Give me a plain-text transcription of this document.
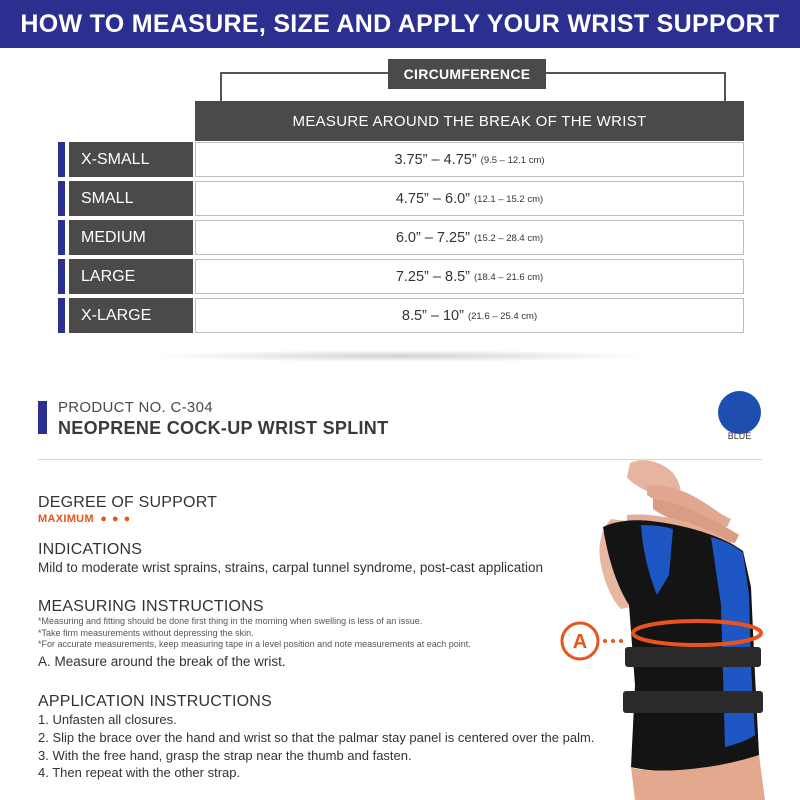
HOW TO MEASURE, SIZE AND APPLY YOUR WRIST SUPPORT
CIRCUMFERENCE
MEASURE AROUND THE BREAK OF THE WRIST
X-SMALL	3.75” – 4.75” (9.5 – 12.1 cm)
SMALL	4.75” – 6.0” (12.1 – 15.2 cm)
MEDIUM	6.0” – 7.25” (15.2 – 28.4 cm)
LARGE	7.25” – 8.5” (18.4 – 21.6 cm)
X-LARGE	8.5” – 10” (21.6 – 25.4 cm)
PRODUCT NO. C-304
NEOPRENE COCK-UP WRIST SPLINT	BLUE
DEGREE OF SUPPORT
MAXIMUM ● ● ●
INDICATIONS
Mild to moderate wrist sprains, strains, carpal tunnel syndrome, post-cast application
MEASURING INSTRUCTIONS
*Measuring and fitting should be done first thing in the morning when swelling is less of an issue.
*Take firm measurements without depressing the skin.
*For accurate measurements, keep measuring tape in a level position and note measurements at each point.
A. Measure around the break of the wrist.
APPLICATION INSTRUCTIONS
1. Unfasten all closures.
2. Slip the brace over the hand and wrist so that the palmar stay panel is centered over the palm.
3. With the free hand, grasp the strap near the thumb and fasten.
4. Then repeat with the other strap.
A
